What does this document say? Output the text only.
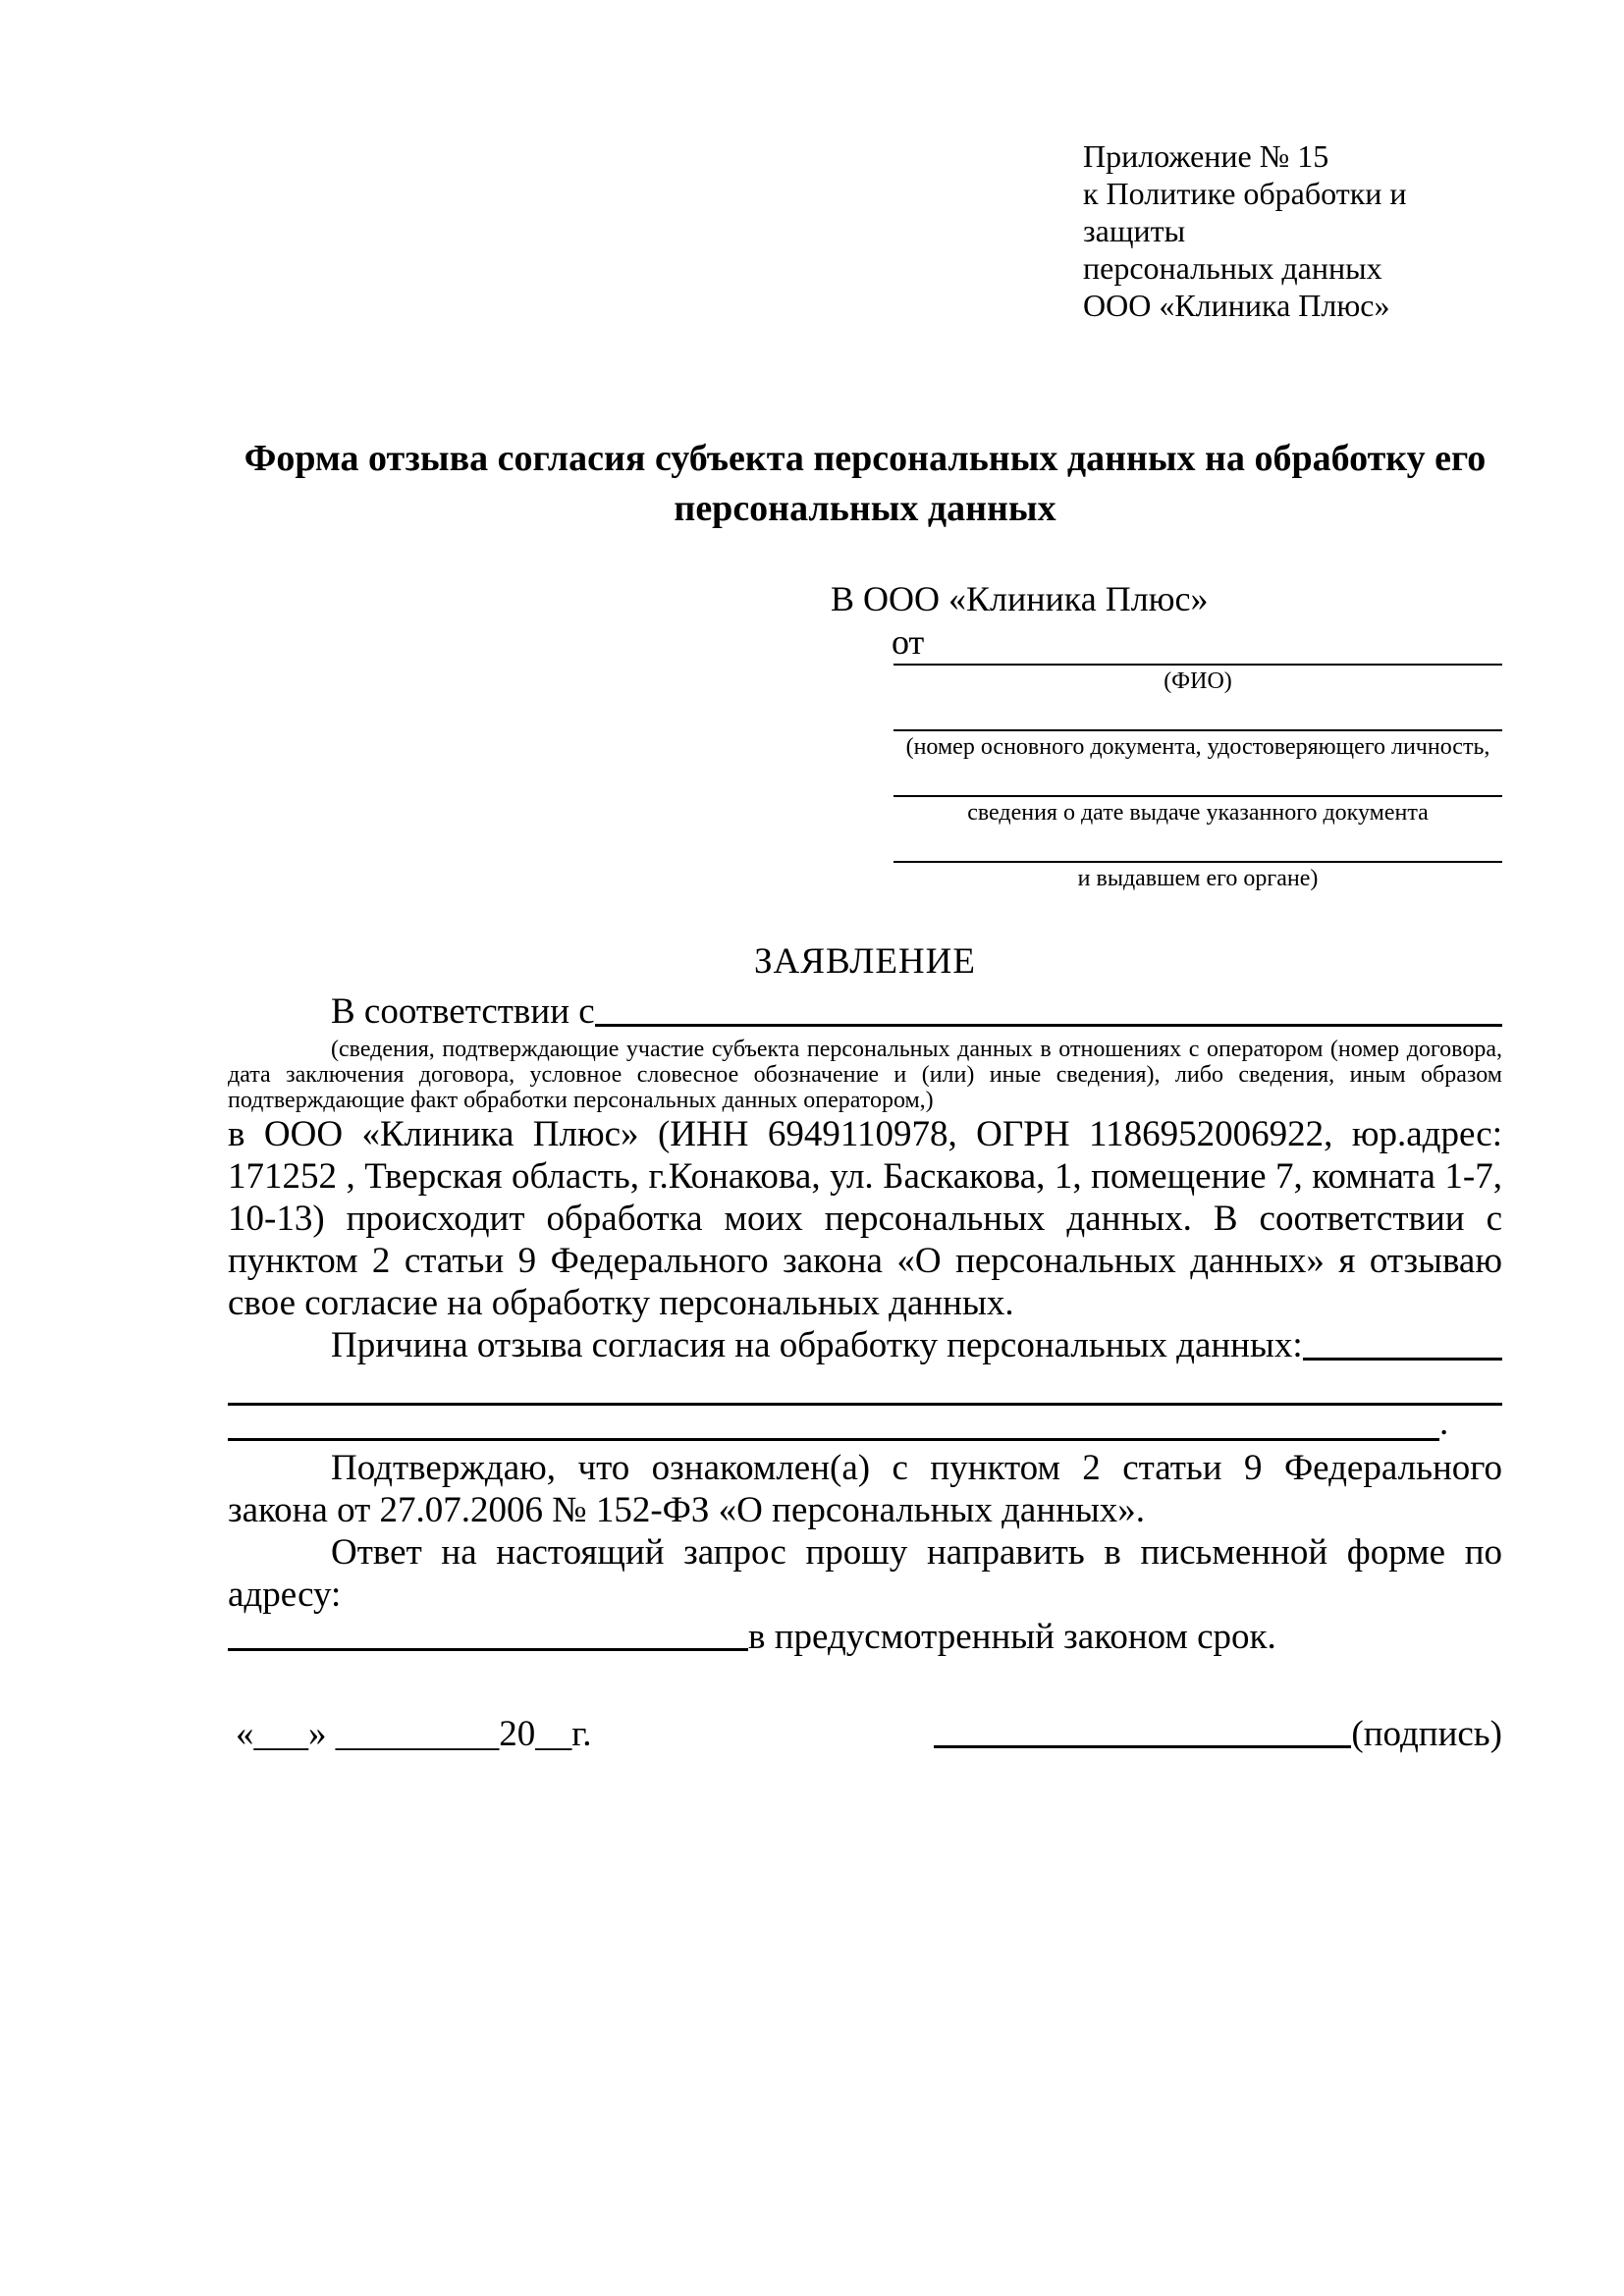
Приложение № 15
к Политике обработки и защиты
персональных данных
ООО «Клиника Плюс»
Форма отзыва согласия субъекта персональных данных на обработку его персональных данных
В ООО «Клиника Плюс»
от
(ФИО)
(номер основного документа, удостоверяющего личность,
сведения о дате выдаче указанного документа
и выдавшем его органе)
ЗАЯВЛЕНИЕ
В соответствии с

(сведения, подтверждающие участие субъекта персональных данных в отношениях с оператором (номер договора, дата заключения договора, условное словесное обозначение и (или) иные сведения), либо сведения, иным образом подтверждающие факт обработки персональных данных оператором,)

в ООО «Клиника Плюс» (ИНН 6949110978, ОГРН 1186952006922, юр.адрес: 171252 , Тверская область, г.Конакова, ул. Баскакова, 1, помещение 7, комната 1-7, 10-13) происходит обработка моих персональных данных. В соответствии с пунктом 2 статьи 9 Федерального закона «О персональных данных» я отзываю свое согласие на обработку персональных данных.

Причина отзыва согласия на обработку персональных данных:
.

Подтверждаю, что ознакомлен(а) с пунктом 2 статьи 9 Федерального закона от 27.07.2006 № 152-ФЗ «О персональных данных».

Ответ на настоящий запрос прошу направить в письменной форме по адресу:

в предусмотренный законом срок.
«___» _________20__г.	(подпись)
